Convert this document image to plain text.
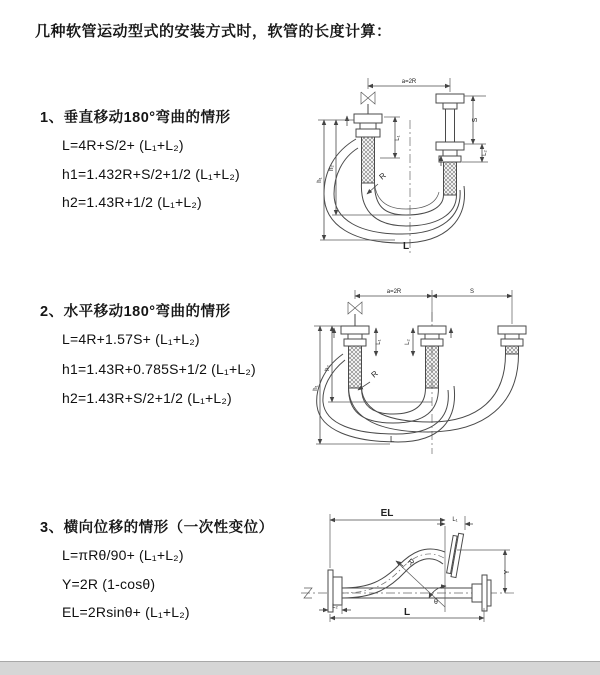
几种软管运动型式的安装方式时，软管的长度计算：
1、垂直移动180°弯曲的情形
L=4R+S/2+ (L₁+L₂)
h1=1.432R+S/2+1/2 (L₁+L₂)
h2=1.43R+1/2 (L₁+L₂)
2、水平移动180°弯曲的情形
L=4R+1.57S+ (L₁+L₂)
h1=1.43R+0.785S+1/2 (L₁+L₂)
h2=1.43R+S/2+1/2 (L₁+L₂)
3、横向位移的情形（一次性变位）
L=πRθ/90+ (L₁+L₂)
Y=2R (1-cosθ)
EL=2Rsinθ+ (L₁+L₂)
a=2R
L₁
S
L₂
h₁
h₂
R
L
a=2R	S
L₁	L₂
h₁
h₂
R
L
θ
R
EL
L₁
Y
L₂	L
